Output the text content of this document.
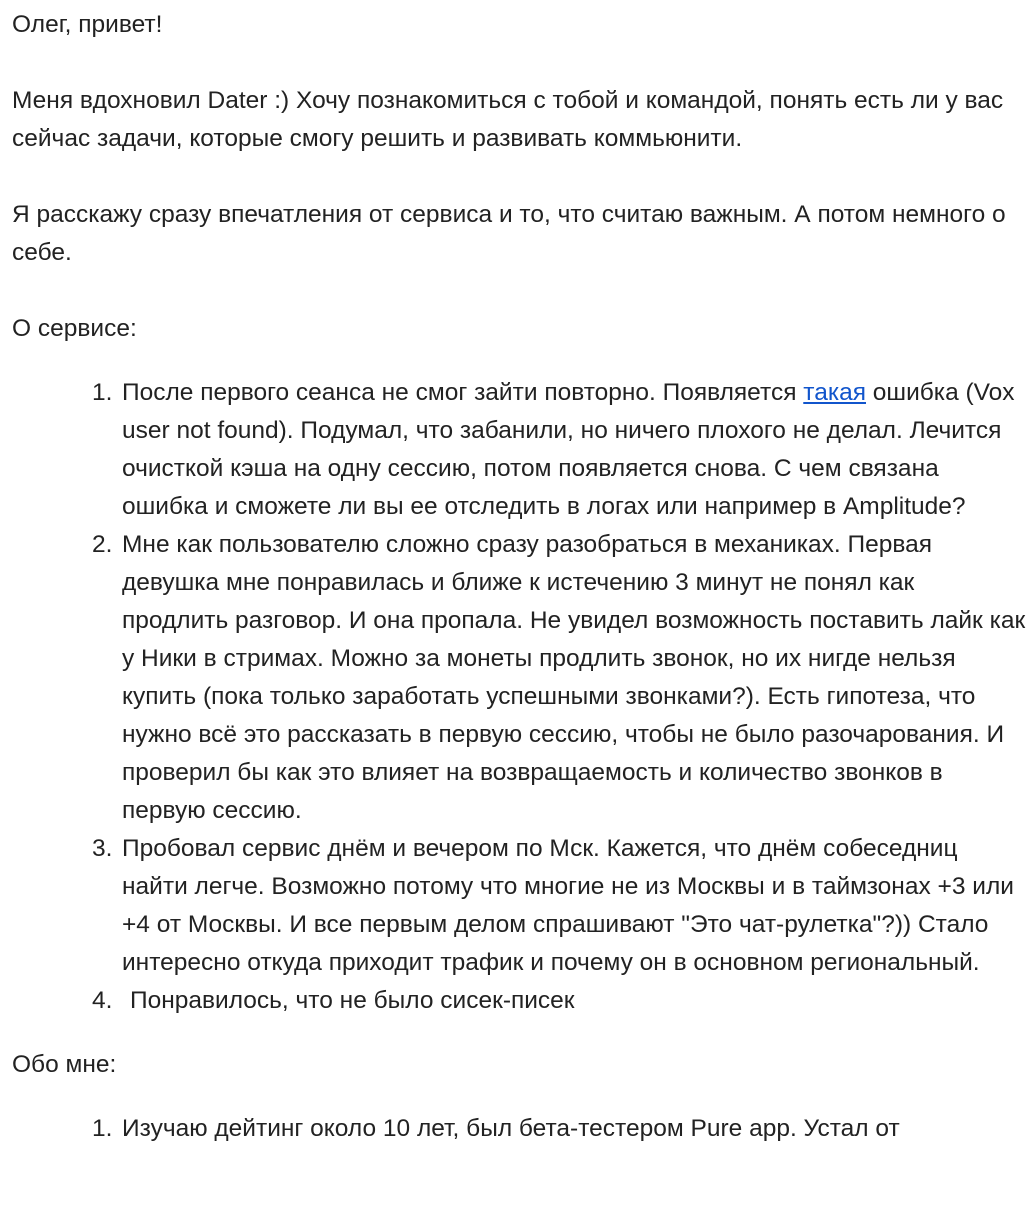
Олег, привет!

Меня вдохновил Dater :) Хочу познакомиться с тобой и командой, понять есть ли у вас сейчас задачи, которые смогу решить и развивать коммьюнити.

Я расскажу сразу впечатления от сервиса и то, что считаю важным. А потом немного о себе.

О сервисе:

1. После первого сеанса не смог зайти повторно. Появляется такая ошибка (Vox user not found). Подумал, что забанили, но ничего плохого не делал. Лечится очисткой кэша на одну сессию, потом появляется снова. С чем связана ошибка и сможете ли вы ее отследить в логах или например в Amplitude?
2. Мне как пользователю сложно сразу разобраться в механиках. Первая девушка мне понравилась и ближе к истечению 3 минут не понял как продлить разговор. И она пропала. Не увидел возможность поставить лайк как у Ники в стримах. Можно за монеты продлить звонок, но их нигде нельзя купить (пока только заработать успешными звонками?). Есть гипотеза, что нужно всё это рассказать в первую сессию, чтобы не было разочарования. И проверил бы как это влияет на возвращаемость и количество звонков в первую сессию.
3. Пробовал сервис днём и вечером по Мск. Кажется, что днём собеседниц найти легче. Возможно потому что многие не из Москвы и в таймзонах +3 или +4 от Москвы. И все первым делом спрашивают "Это чат-рулетка"?)) Стало интересно откуда приходит трафик и почему он в основном региональный.
4. Понравилось, что не было сисек-писек

Обо мне:

1. Изучаю дейтинг около 10 лет, был бета-тестером Pure app. Устал от
